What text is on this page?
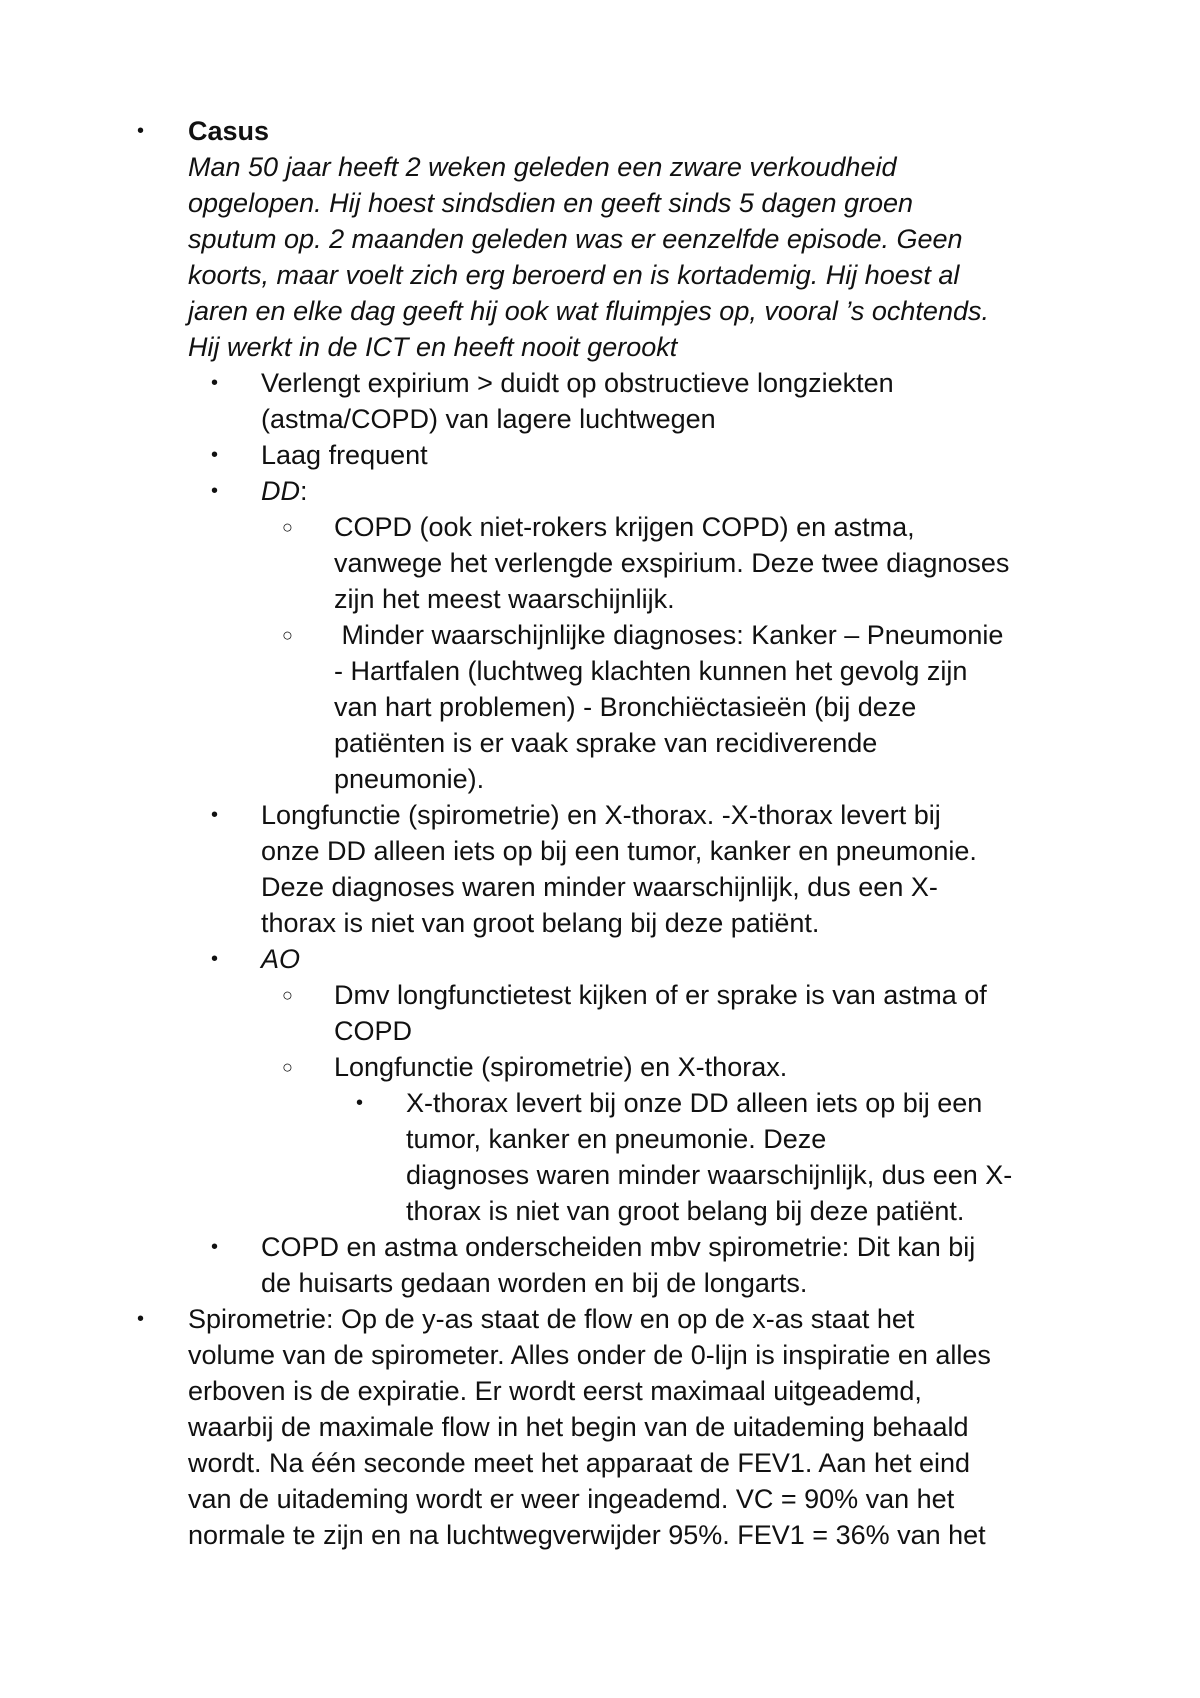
• Casus
Man 50 jaar heeft 2 weken geleden een zware verkoudheid
opgelopen. Hij hoest sindsdien en geeft sinds 5 dagen groen
sputum op. 2 maanden geleden was er eenzelfde episode. Geen
koorts, maar voelt zich erg beroerd en is kortademig. Hij hoest al
jaren en elke dag geeft hij ook wat fluimpjes op, vooral ’s ochtends.
Hij werkt in de ICT en heeft nooit gerookt
• Verlengt expirium > duidt op obstructieve longziekten
(astma/COPD) van lagere luchtwegen
• Laag frequent
• DD:
○ COPD (ook niet-rokers krijgen COPD) en astma,
vanwege het verlengde exspirium. Deze twee diagnoses
zijn het meest waarschijnlijk.
○ Minder waarschijnlijke diagnoses: Kanker – Pneumonie
- Hartfalen (luchtweg klachten kunnen het gevolg zijn
van hart problemen) - Bronchiëctasieën (bij deze
patiënten is er vaak sprake van recidiverende
pneumonie).
• Longfunctie (spirometrie) en X-thorax. -X-thorax levert bij
onze DD alleen iets op bij een tumor, kanker en pneumonie.
Deze diagnoses waren minder waarschijnlijk, dus een X-
thorax is niet van groot belang bij deze patiënt.
• AO
○ Dmv longfunctietest kijken of er sprake is van astma of
COPD
○ Longfunctie (spirometrie) en X-thorax.
• X-thorax levert bij onze DD alleen iets op bij een
tumor, kanker en pneumonie. Deze
diagnoses waren minder waarschijnlijk, dus een X-
thorax is niet van groot belang bij deze patiënt.
• COPD en astma onderscheiden mbv spirometrie: Dit kan bij
de huisarts gedaan worden en bij de longarts.
• Spirometrie: Op de y-as staat de flow en op de x-as staat het
volume van de spirometer. Alles onder de 0-lijn is inspiratie en alles
erboven is de expiratie. Er wordt eerst maximaal uitgeademd,
waarbij de maximale flow in het begin van de uitademing behaald
wordt. Na één seconde meet het apparaat de FEV1. Aan het eind
van de uitademing wordt er weer ingeademd. VC = 90% van het
normale te zijn en na luchtwegverwijder 95%. FEV1 = 36% van het
